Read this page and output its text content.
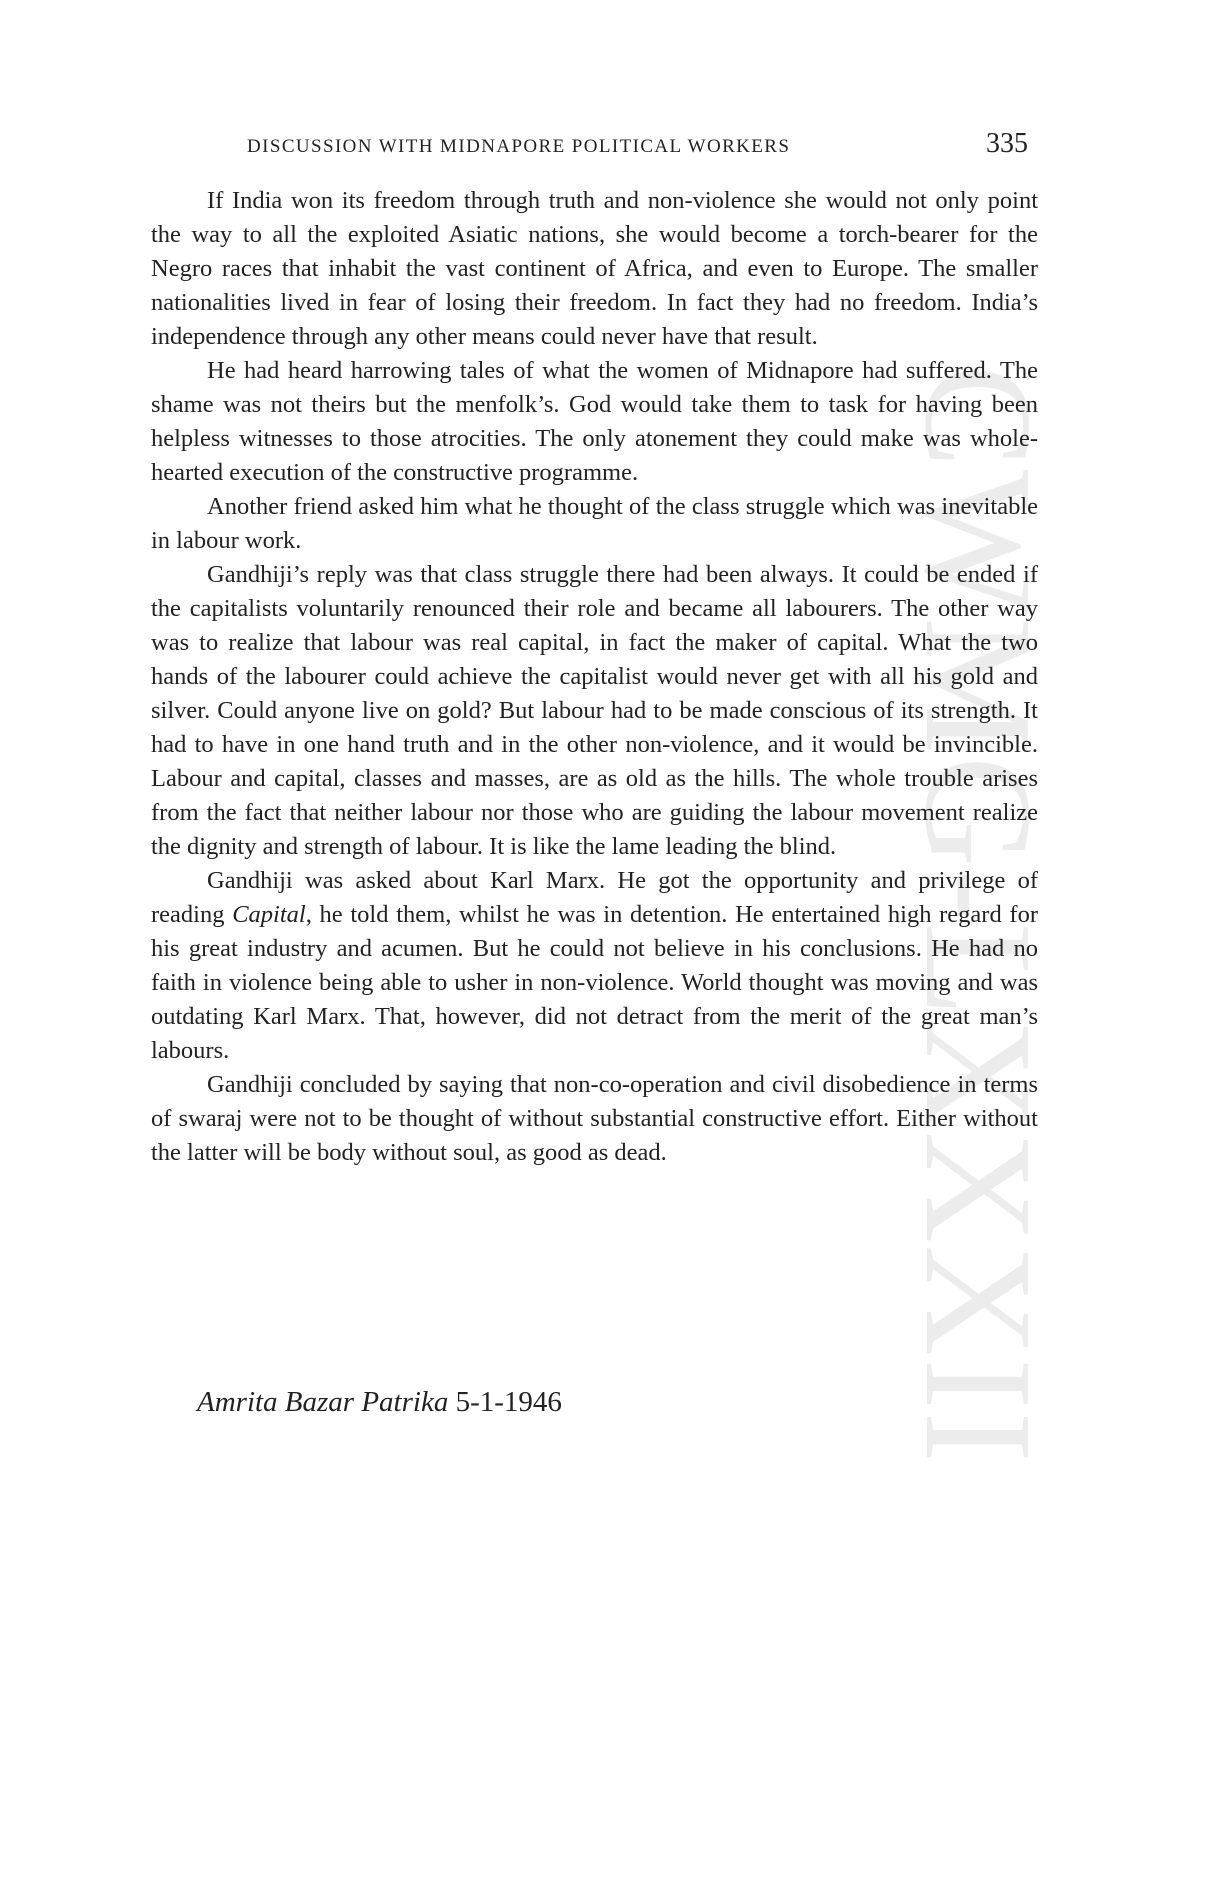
CWMG-LXXXII
DISCUSSION WITH MIDNAPORE POLITICAL WORKERS	335

If India won its freedom through truth and non-violence she would not only point the way to all the exploited Asiatic nations, she would become a torch-bearer for the Negro races that inhabit the vast continent of Africa, and even to Europe. The smaller nationalities lived in fear of losing their freedom. In fact they had no freedom. India’s independence through any other means could never have that result.

He had heard harrowing tales of what the women of Midnapore had suffered. The shame was not theirs but the menfolk’s. God would take them to task for having been helpless witnesses to those atrocities. The only atonement they could make was whole-hearted execution of the constructive programme.

Another friend asked him what he thought of the class struggle which was inevitable in labour work.

Gandhiji’s reply was that class struggle there had been always. It could be ended if the capitalists voluntarily renounced their role and became all labourers. The other way was to realize that labour was real capital, in fact the maker of capital. What the two hands of the labourer could achieve the capitalist would never get with all his gold and silver. Could anyone live on gold? But labour had to be made conscious of its strength. It had to have in one hand truth and in the other non-violence, and it would be invincible. Labour and capital, classes and masses, are as old as the hills. The whole trouble arises from the fact that neither labour nor those who are guiding the labour movement realize the dignity and strength of labour. It is like the lame leading the blind.

Gandhiji was asked about Karl Marx. He got the opportunity and privilege of reading Capital, he told them, whilst he was in detention. He entertained high regard for his great industry and acumen. But he could not believe in his conclusions. He had no faith in violence being able to usher in non-violence. World thought was moving and was outdating Karl Marx. That, however, did not detract from the merit of the great man’s labours.

Gandhiji concluded by saying that non-co-operation and civil disobedience in terms of swaraj were not to be thought of without substantial constructive effort. Either without the latter will be body without soul, as good as dead.

Amrita Bazar Patrika 5-1-1946
